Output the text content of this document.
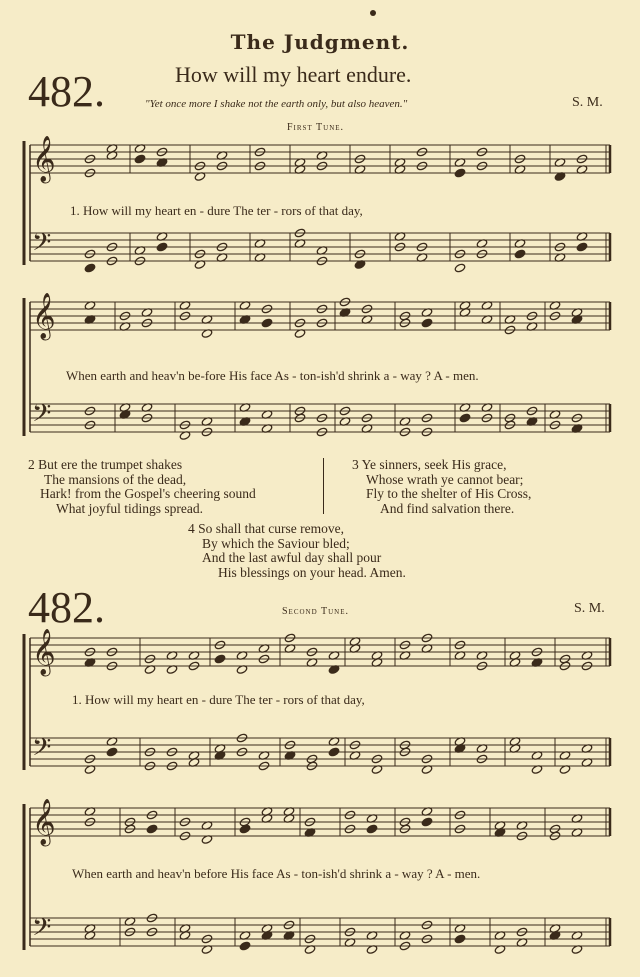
The Judgment.
482.	How will my heart endure.
"Yet once more I shake not the earth only, but also heaven."	S. M.
First Tune.
𝄞
𝄢
1. How will my heart en - dure The ter - rors of that day,
𝄞
𝄢
When earth and heav'n be-fore His face As - ton-ish'd shrink a - way ? A - men.
2 But ere the trumpet shakes
The mansions of the dead,
Hark! from the Gospel's cheering sound
What joyful tidings spread.
3 Ye sinners, seek His grace,
Whose wrath ye cannot bear;
Fly to the shelter of His Cross,
And find salvation there.
4 So shall that curse remove,
By which the Saviour bled;
And the last awful day shall pour
His blessings on your head. Amen.
482.	Second Tune.	S. M.
𝄞
𝄢
1. How will my heart en - dure The ter - rors of that day,
𝄞
𝄢
When earth and heav'n before His face As - ton-ish'd shrink a - way ? A - men.
